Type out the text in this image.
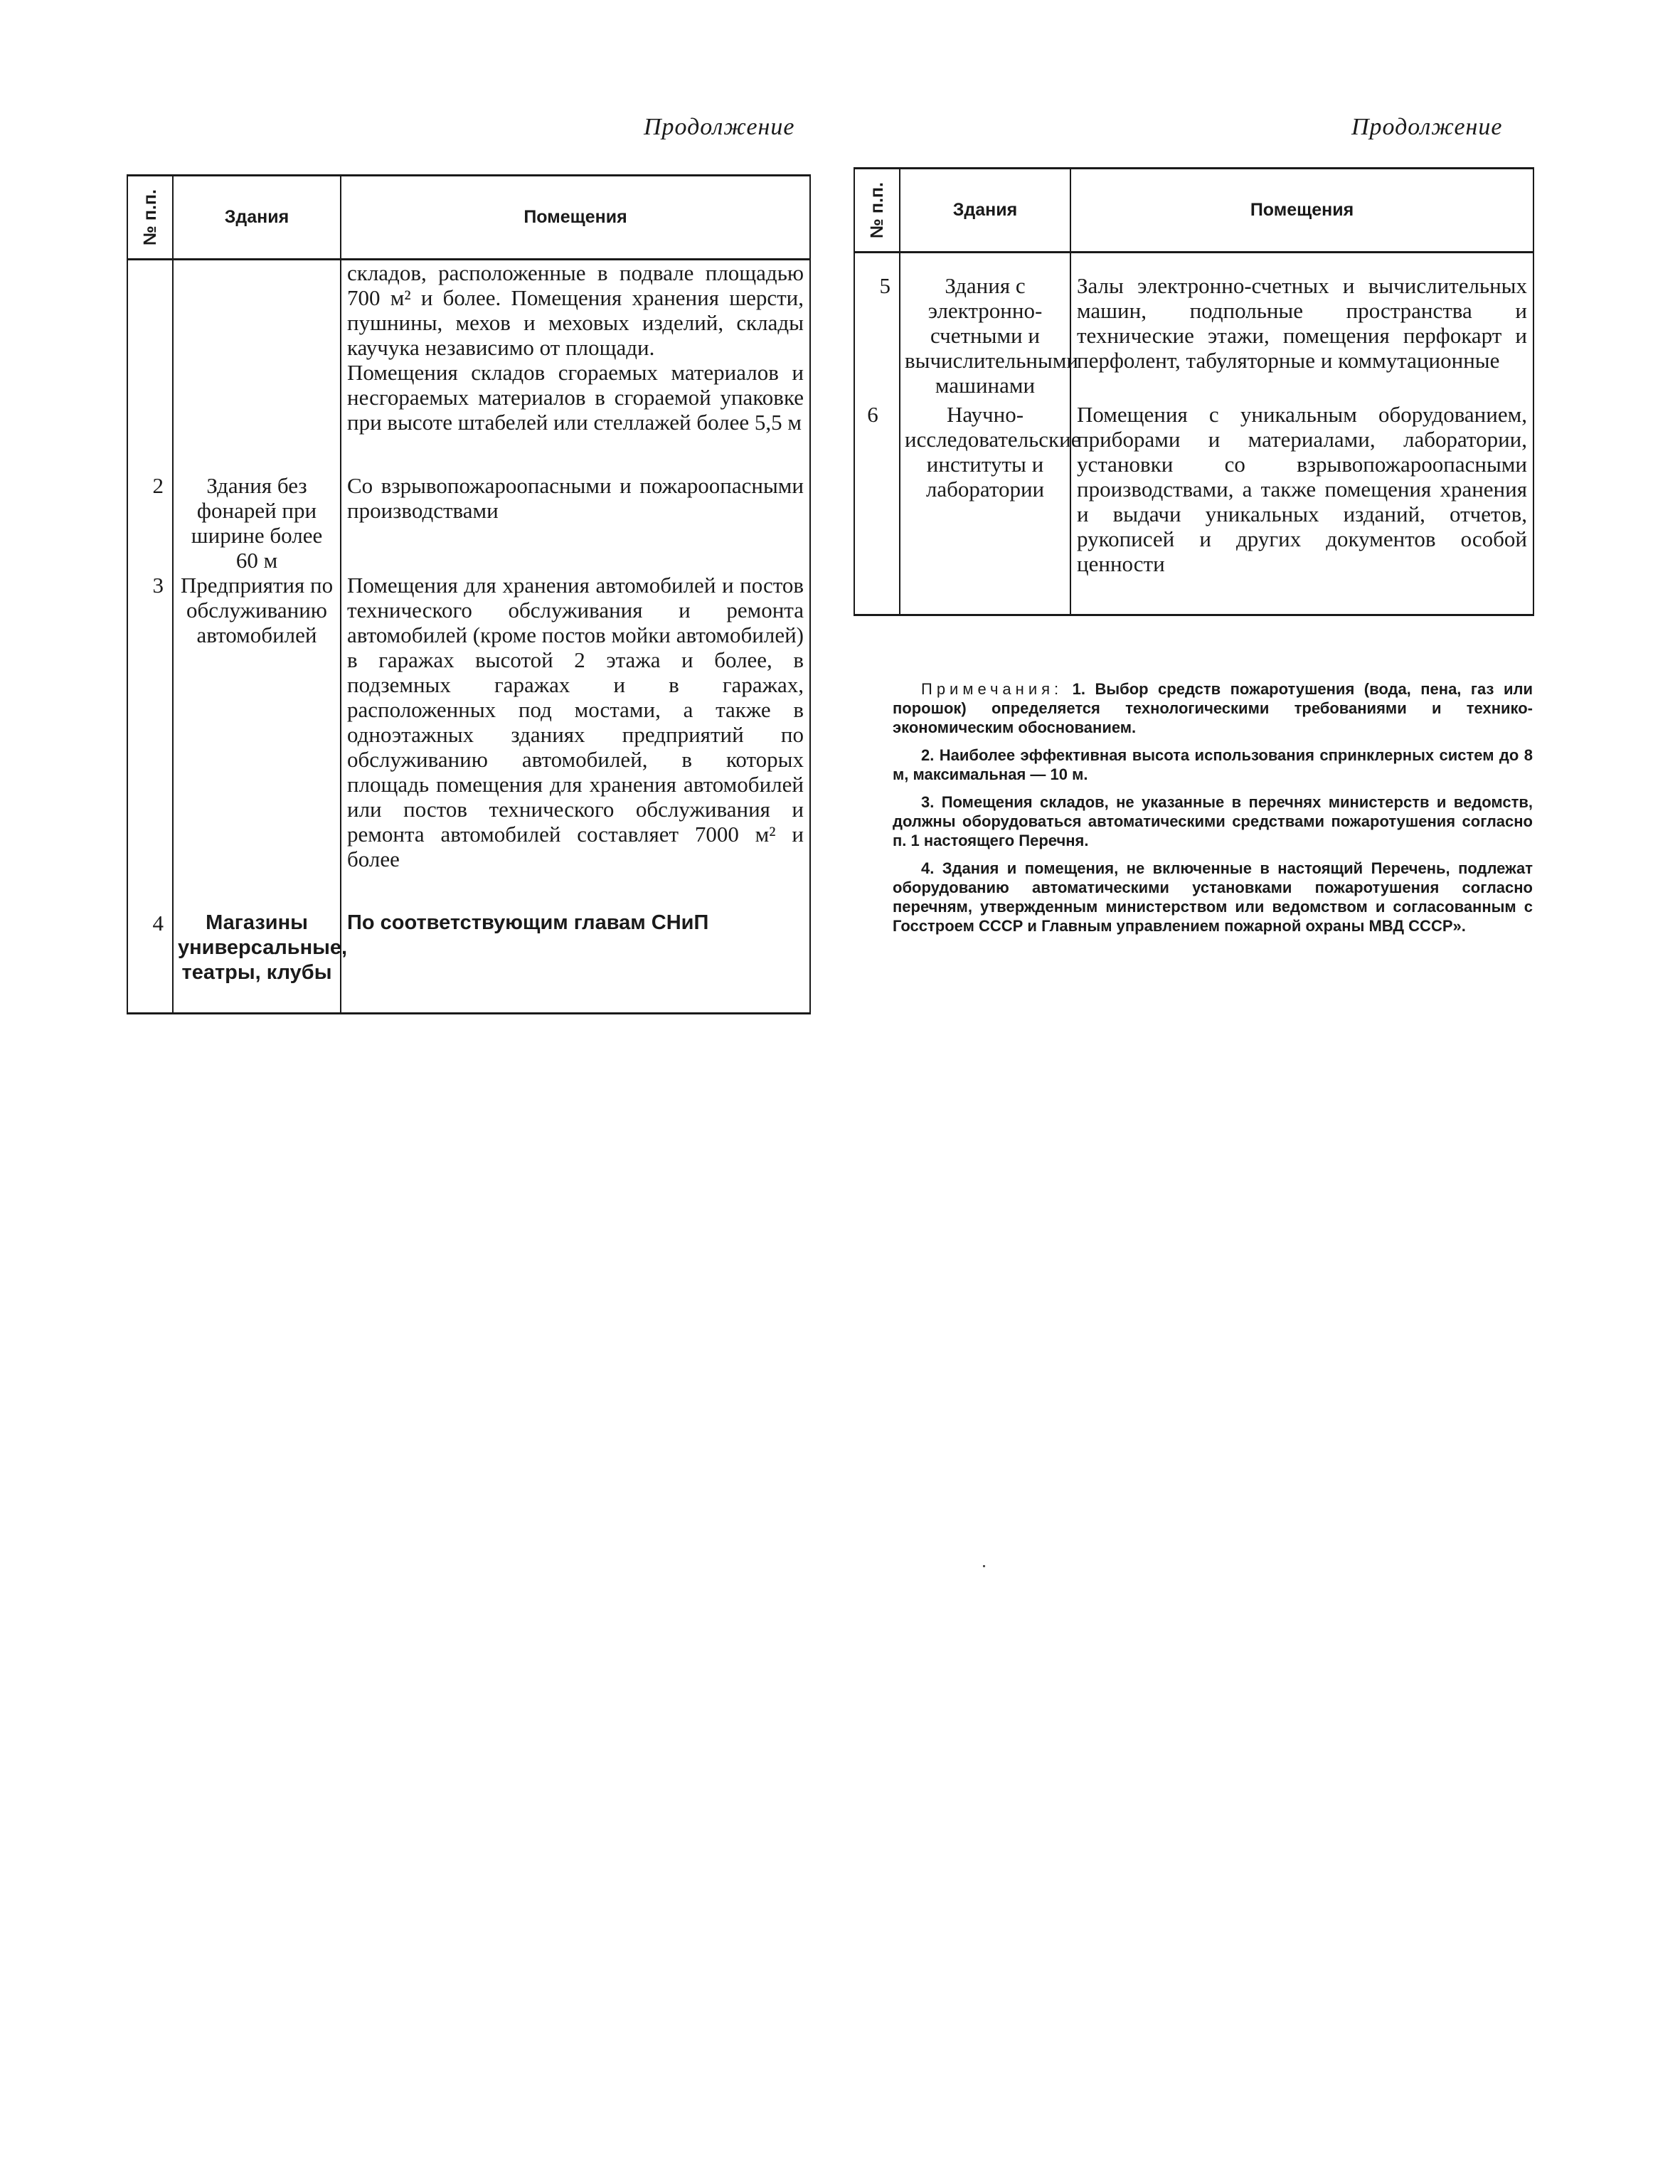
Продолжение
№ п.п.	Здания	Помещения

		складов, расположенные в подвале площадью 700 м² и более. Помещения хранения шерсти, пушнины, мехов и меховых изделий, склады каучука независимо от площади.
Помещения складов сгораемых материалов и несгораемых материалов в сгораемой упаковке при высоте штабелей или стеллажей более 5,5 м

2	Здания без фонарей при ширине более 60 м	Со взрывопожароопасными и пожароопасными производствами

3	Предприятия по обслуживанию автомобилей	Помещения для хранения автомобилей и постов технического обслуживания и ремонта автомобилей (кроме постов мойки автомобилей) в гаражах высотой 2 этажа и более, в подземных гаражах и в гаражах, расположенных под мостами, а также в одноэтажных зданиях предприятий по обслуживанию автомобилей, в которых площадь помещения для хранения автомобилей или постов технического обслуживания и ремонта автомобилей составляет 7000 м² и более

4	Магазины универсальные, театры, клубы	По соответствующим главам СНиП
Продолжение
№ п.п.	Здания	Помещения
5	Здания с электронно-счетными и вычислительными машинами	Залы электронно-счетных и вычислительных машин, подпольные пространства и технические этажи, помещения перфокарт и перфолент, табуляторные и коммутационные

6	Научно-исследовательские институты и лаборатории	Помещения с уникальным оборудованием, приборами и материалами, лаборатории, установки со взрывопожароопасными производствами, а также помещения хранения и выдачи уникальных изданий, отчетов, рукописей и других документов особой ценности

Примечания: 1. Выбор средств пожаротушения (вода, пена, газ или порошок) определяется технологическими требованиями и технико-экономическим обоснованием.

2. Наиболее эффективная высота использования спринклерных систем до 8 м, максимальная — 10 м.

3. Помещения складов, не указанные в перечнях министерств и ведомств, должны оборудоваться автоматическими средствами пожаротушения согласно п. 1 настоящего Перечня.

4. Здания и помещения, не включенные в настоящий Перечень, подлежат оборудованию автоматическими установками пожаротушения согласно перечням, утвержденным министерством или ведомством и согласованным с Госстроем СССР и Главным управлением пожарной охраны МВД СССР».
